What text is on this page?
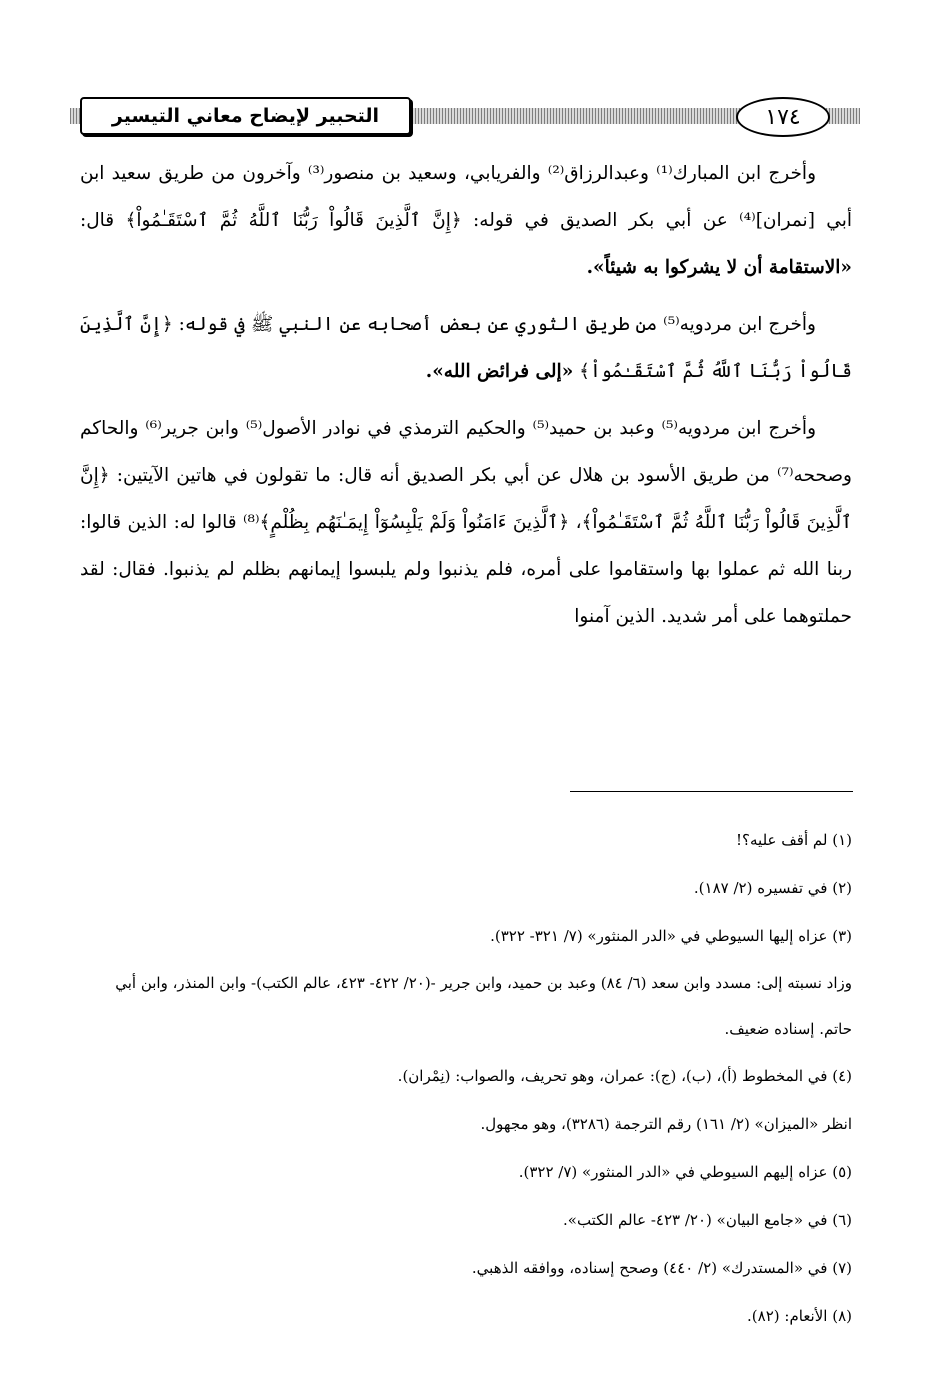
التحبير لإيضاح معاني التيسير	١٧٤

وأخرج ابن المبارك⁽¹⁾ وعبدالرزاق⁽²⁾ والفريابي، وسعيد بن منصور⁽³⁾ وآخرون من طريق سعيد ابن أبي [نمران]⁽⁴⁾ عن أبي بكر الصديق في قوله: ﴿إِنَّ ٱلَّذِينَ قَالُواْ رَبُّنَا ٱللَّهُ ثُمَّ ٱسْتَقَـٰمُواْ﴾ قال: «الاستقامة أن لا يشركوا به شيئاً».

وأخرج ابن مردويه⁽⁵⁾ من طريق الثوري عن بعض أصحابه عن النبي ﷺ في قوله: ﴿إِنَّ ٱلَّذِينَ قَالُواْ رَبُّنَا ٱللَّهُ ثُمَّ ٱسْتَقَـٰمُواْ﴾ «إلى فرائض الله».

وأخرج ابن مردويه⁽⁵⁾ وعبد بن حميد⁽⁵⁾ والحكيم الترمذي في نوادر الأصول⁽⁵⁾ وابن جرير⁽⁶⁾ والحاكم وصححه⁽⁷⁾ من طريق الأسود بن هلال عن أبي بكر الصديق أنه قال: ما تقولون في هاتين الآيتين: ﴿إِنَّ ٱلَّذِينَ قَالُواْ رَبُّنَا ٱللَّهُ ثُمَّ ٱسْتَقَـٰمُواْ﴾، ﴿ٱلَّذِينَ ءَامَنُواْ وَلَمْ يَلْبِسُوٓاْ إِيمَـٰنَهُم بِظُلْمٍ﴾⁽⁸⁾ قالوا له: الذين قالوا: ربنا الله ثم عملوا بها واستقاموا على أمره، فلم يذنبوا ولم يلبسوا إيمانهم بظلم لم يذنبوا. فقال: لقد حملتوهما على أمر شديد. الذين آمنوا

(١) لم أقف عليه؟!
(٢) في تفسيره (٢/ ١٨٧).
(٣) عزاه إليها السيوطي في «الدر المنثور» (٧/ ٣٢١- ٣٢٢).
وزاد نسبته إلى: مسدد وابن سعد (٦/ ٨٤) وعبد بن حميد، وابن جرير -(٢٠/ ٤٢٢- ٤٢٣، عالم الكتب)- وابن المنذر، وابن أبي حاتم. إسناده ضعيف.
(٤) في المخطوط (أ)، (ب)، (ج): عمران، وهو تحريف، والصواب: (نِمْران).
انظر «الميزان» (٢/ ١٦١) رقم الترجمة (٣٢٨٦)، وهو مجهول.
(٥) عزاه إليهم السيوطي في «الدر المنثور» (٧/ ٣٢٢).
(٦) في «جامع البيان» (٢٠/ ٤٢٣- عالم الكتب».
(٧) في «المستدرك» (٢/ ٤٤٠) وصحح إسناده، ووافقه الذهبي.
(٨) الأنعام: (٨٢).
